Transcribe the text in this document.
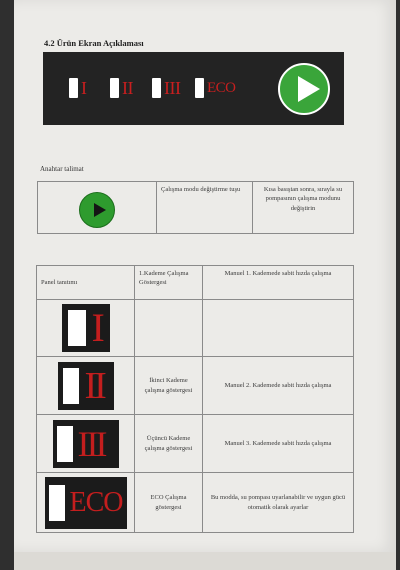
4.2 Ürün Ekran Açıklaması
I II III ECO
Anahtar talimat
	Çalışma modu değiştirme tuşu	Kısa basıştan sonra, sırayla su pompasının çalışma modunu değiştirin
Panel tanıtımı	1.Kademe Çalışma Göstergesi	Manuel 1. Kademede sabit hızda çalışma

I		

II	İkinci Kademe çalışma göstergesi	Manuel 2. Kademede sabit hızda çalışma

III	Üçüncü Kademe çalışma göstergesi	Manuel 3. Kademede sabit hızda çalışma

ECO	ECO Çalışma göstergesi	Bu modda, su pompası uyarlanabilir ve uygun gücü otomatik olarak ayarlar
